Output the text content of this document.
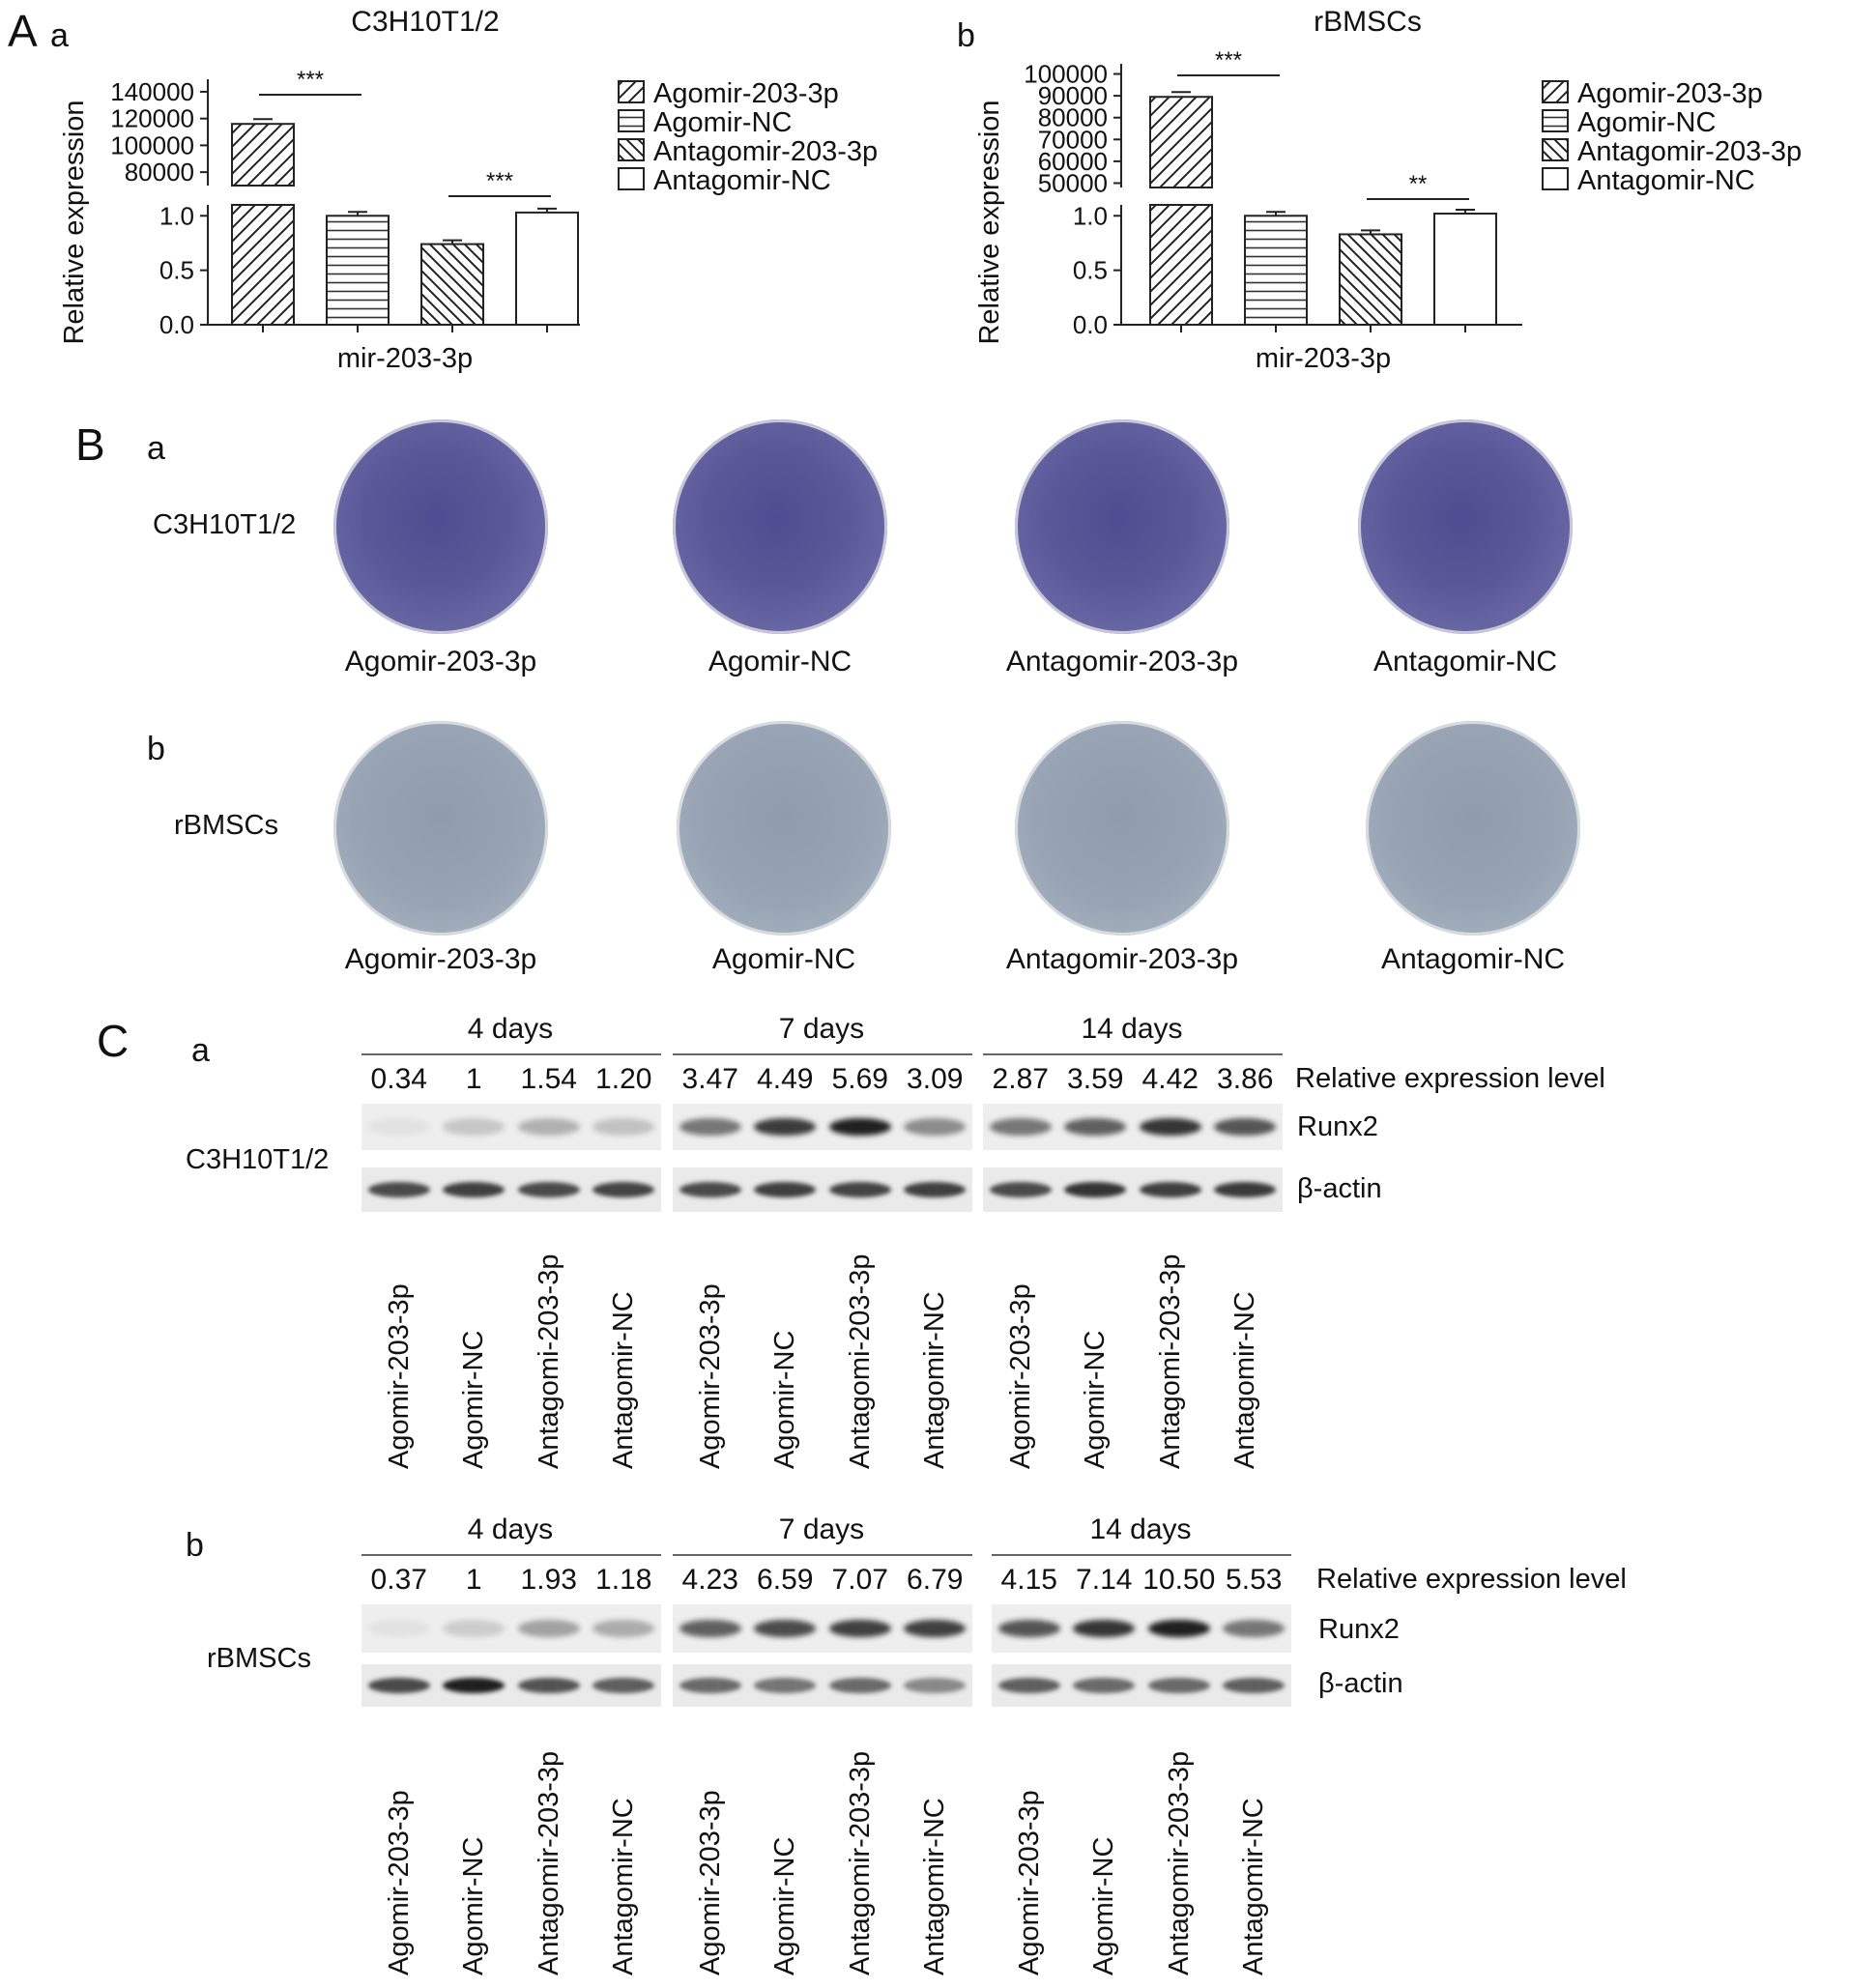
A a	b
C3H10T1/2
Relative expression
140000
120000
100000
80000
1.0
0.5
0.0
***
***
mir-203-3p
Agomir-203-3p
Agomir-NC
Antagomir-203-3p
Antagomir-NC
rBMSCs
Relative expression
100000
90000
80000
70000
60000
50000
1.0
0.5
0.0
***
**
mir-203-3p
Agomir-203-3p
Agomir-NC
Antagomir-203-3p
Antagomir-NC
B a
b
C3H10T1/2
rBMSCs
Agomir-203-3p	Agomir-NC	Antagomir-203-3p	Antagomir-NC
Agomir-203-3p	Agomir-NC	Antagomir-203-3p	Antagomir-NC
C a
b
C3H10T1/2
rBMSCs
4 days	7 days	14 days
0.34	1	1.54 1.20	3.47 4.49 5.69 3.09	2.87 3.59 4.42 3.86 Relative expression level
Runx2
β-actin
Agomir-203-3p Agomir-NC Antagomi-203-3p Antagomir-NC Agomir-203-3p Agomir-NC Antagomi-203-3p Antagomir-NC Agomir-203-3p Agomir-NC Antagomi-203-3p Antagomir-NC
4 days	7 days	14 days
0.37	1	1.93 1.18	4.23 6.59 7.07 6.79	4.15 7.14 10.50 5.53	Relative expression level
Runx2
β-actin
Agomir-203-3p Agomir-NC Antagomir-203-3p Antagomir-NC Agomir-203-3p Agomir-NC Antagomir-203-3p Antagomir-NC Agomir-203-3p Agomir-NC Antagomir-203-3p Antagomir-NC
